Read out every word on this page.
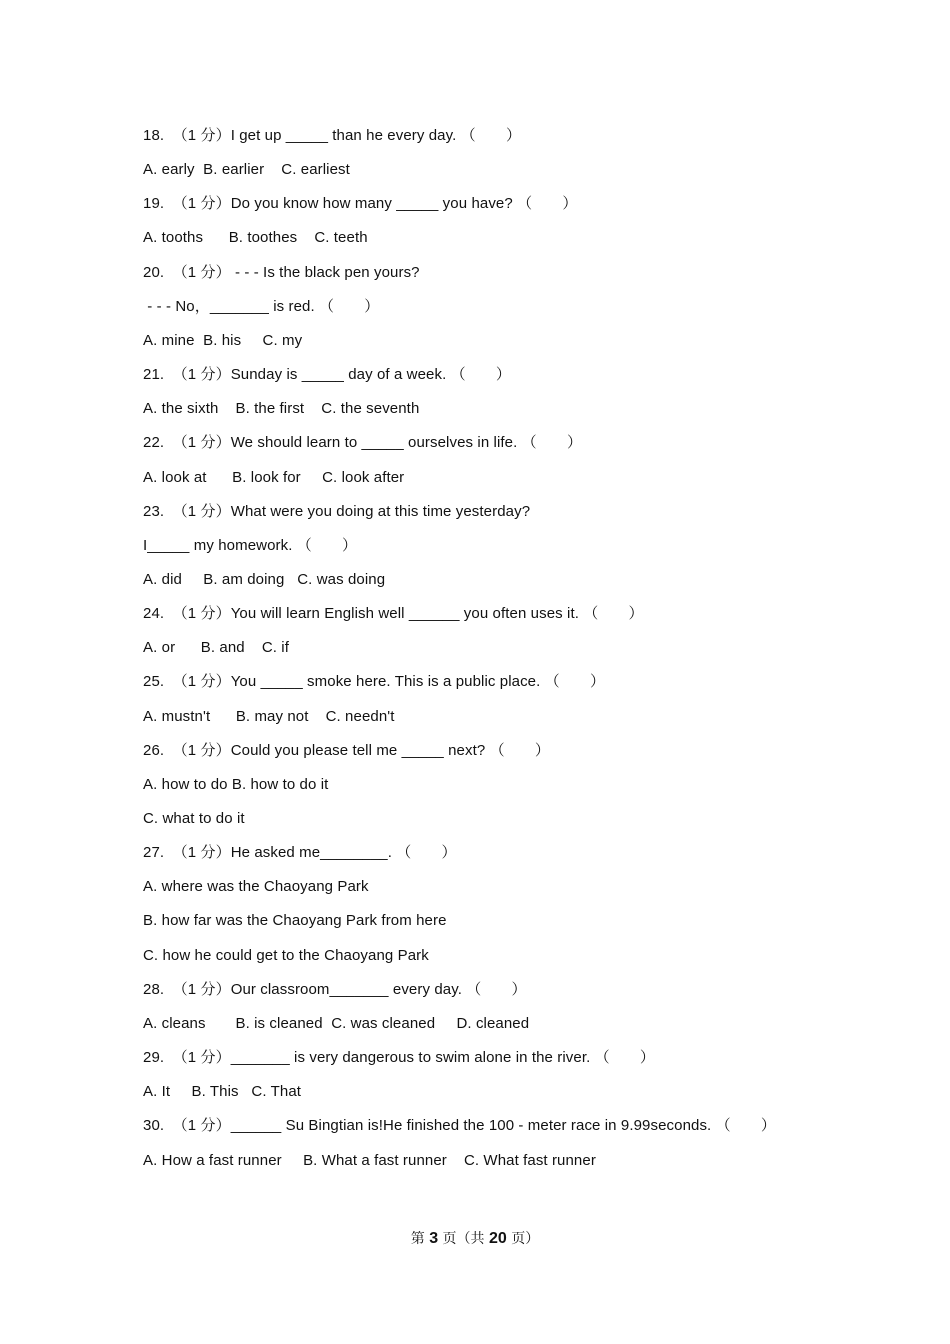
18.  （1 分）I get up _____ than he every day. （　　）
A. early  B. earlier    C. earliest
19.  （1 分）Do you know how many _____ you have? （　　）
A. tooths      B. toothes    C. teeth
20.  （1 分） - - - Is the black pen yours?
- - - No，_______ is red. （　　）
A. mine  B. his     C. my
21.  （1 分）Sunday is _____ day of a week. （　　）
A. the sixth    B. the first    C. the seventh
22.  （1 分）We should learn to _____ ourselves in life. （　　）
A. look at      B. look for     C. look after
23.  （1 分）What were you doing at this time yesterday?
I_____ my homework. （　　）
A. did     B. am doing   C. was doing
24.  （1 分）You will learn English well ______ you often uses it. （　　）
A. or      B. and    C. if
25.  （1 分）You _____ smoke here. This is a public place. （　　）
A. mustn't      B. may not    C. needn't
26.  （1 分）Could you please tell me _____ next? （　　）
A. how to do B. how to do it
C. what to do it
27.  （1 分）He asked me________. （　　）
A. where was the Chaoyang Park
B. how far was the Chaoyang Park from here
C. how he could get to the Chaoyang Park
28.  （1 分）Our classroom_______ every day. （　　）
A. cleans       B. is cleaned  C. was cleaned     D. cleaned
29.  （1 分）_______ is very dangerous to swim alone in the river. （　　）
A. It     B. This   C. That
30.  （1 分）______ Su Bingtian is!He finished the 100 - meter race in 9.99seconds. （　　）
A. How a fast runner     B. What a fast runner    C. What fast runner
第 3 页（共 20 页）
